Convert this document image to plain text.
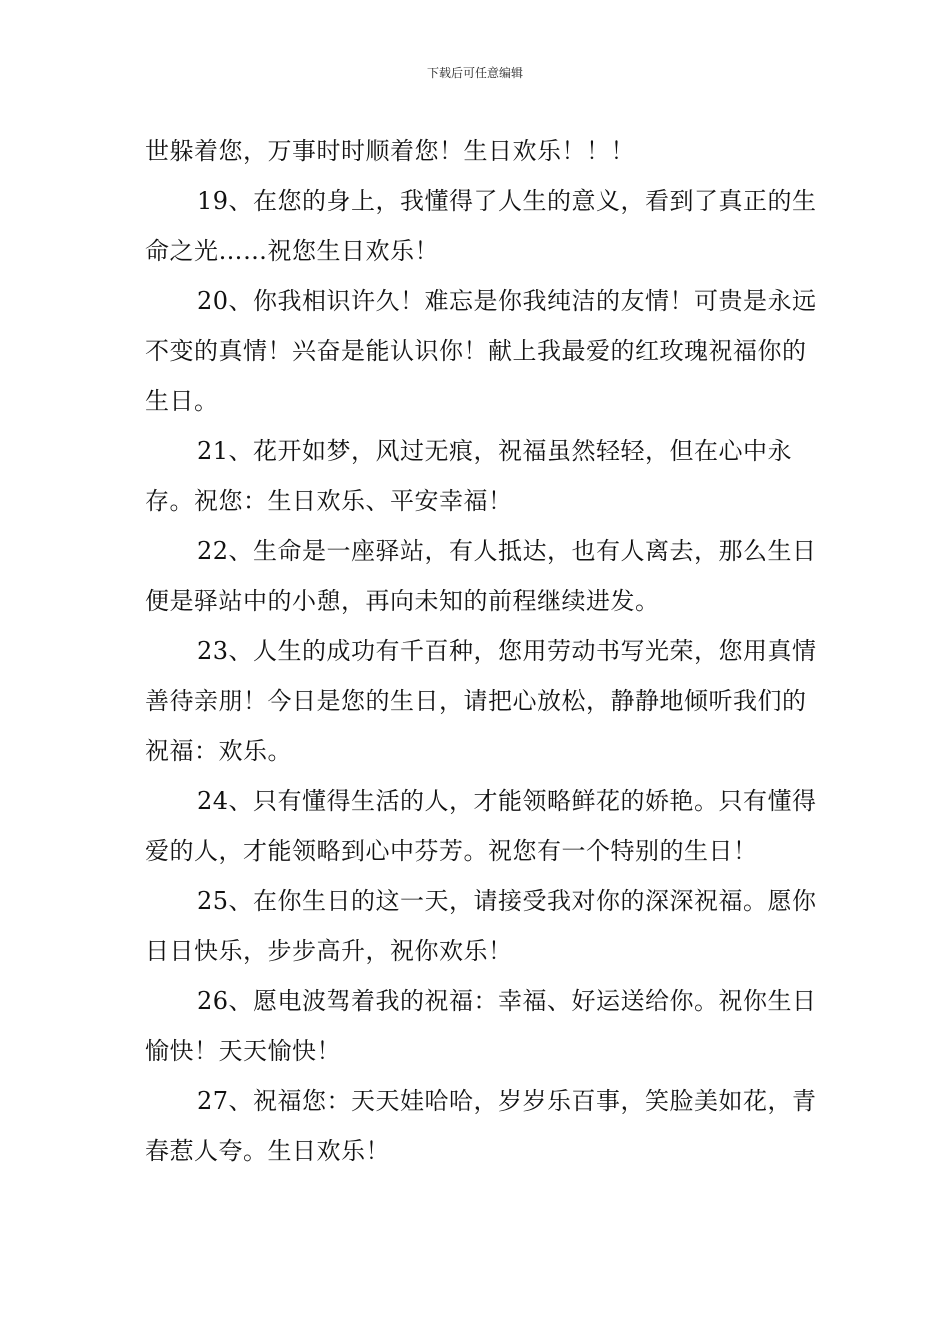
下载后可任意编辑

世躲着您，万事时时顺着您！生日欢乐！！！

19、在您的身上，我懂得了人生的意义，看到了真正的生命之光……祝您生日欢乐！

20、你我相识许久！难忘是你我纯洁的友情！可贵是永远不变的真情！兴奋是能认识你！献上我最爱的红玫瑰祝福你的生日。

21、花开如梦，风过无痕，祝福虽然轻轻，但在心中永存。祝您：生日欢乐、平安幸福！

22、生命是一座驿站，有人抵达，也有人离去，那么生日便是驿站中的小憩，再向未知的前程继续进发。

23、人生的成功有千百种，您用劳动书写光荣，您用真情善待亲朋！今日是您的生日，请把心放松，静静地倾听我们的祝福：欢乐。

24、只有懂得生活的人，才能领略鲜花的娇艳。只有懂得爱的人，才能领略到心中芬芳。祝您有一个特别的生日！

25、在你生日的这一天，请接受我对你的深深祝福。愿你日日快乐，步步高升，祝你欢乐！

26、愿电波驾着我的祝福：幸福、好运送给你。祝你生日愉快！天天愉快！

27、祝福您：天天娃哈哈，岁岁乐百事，笑脸美如花，青春惹人夸。生日欢乐！
